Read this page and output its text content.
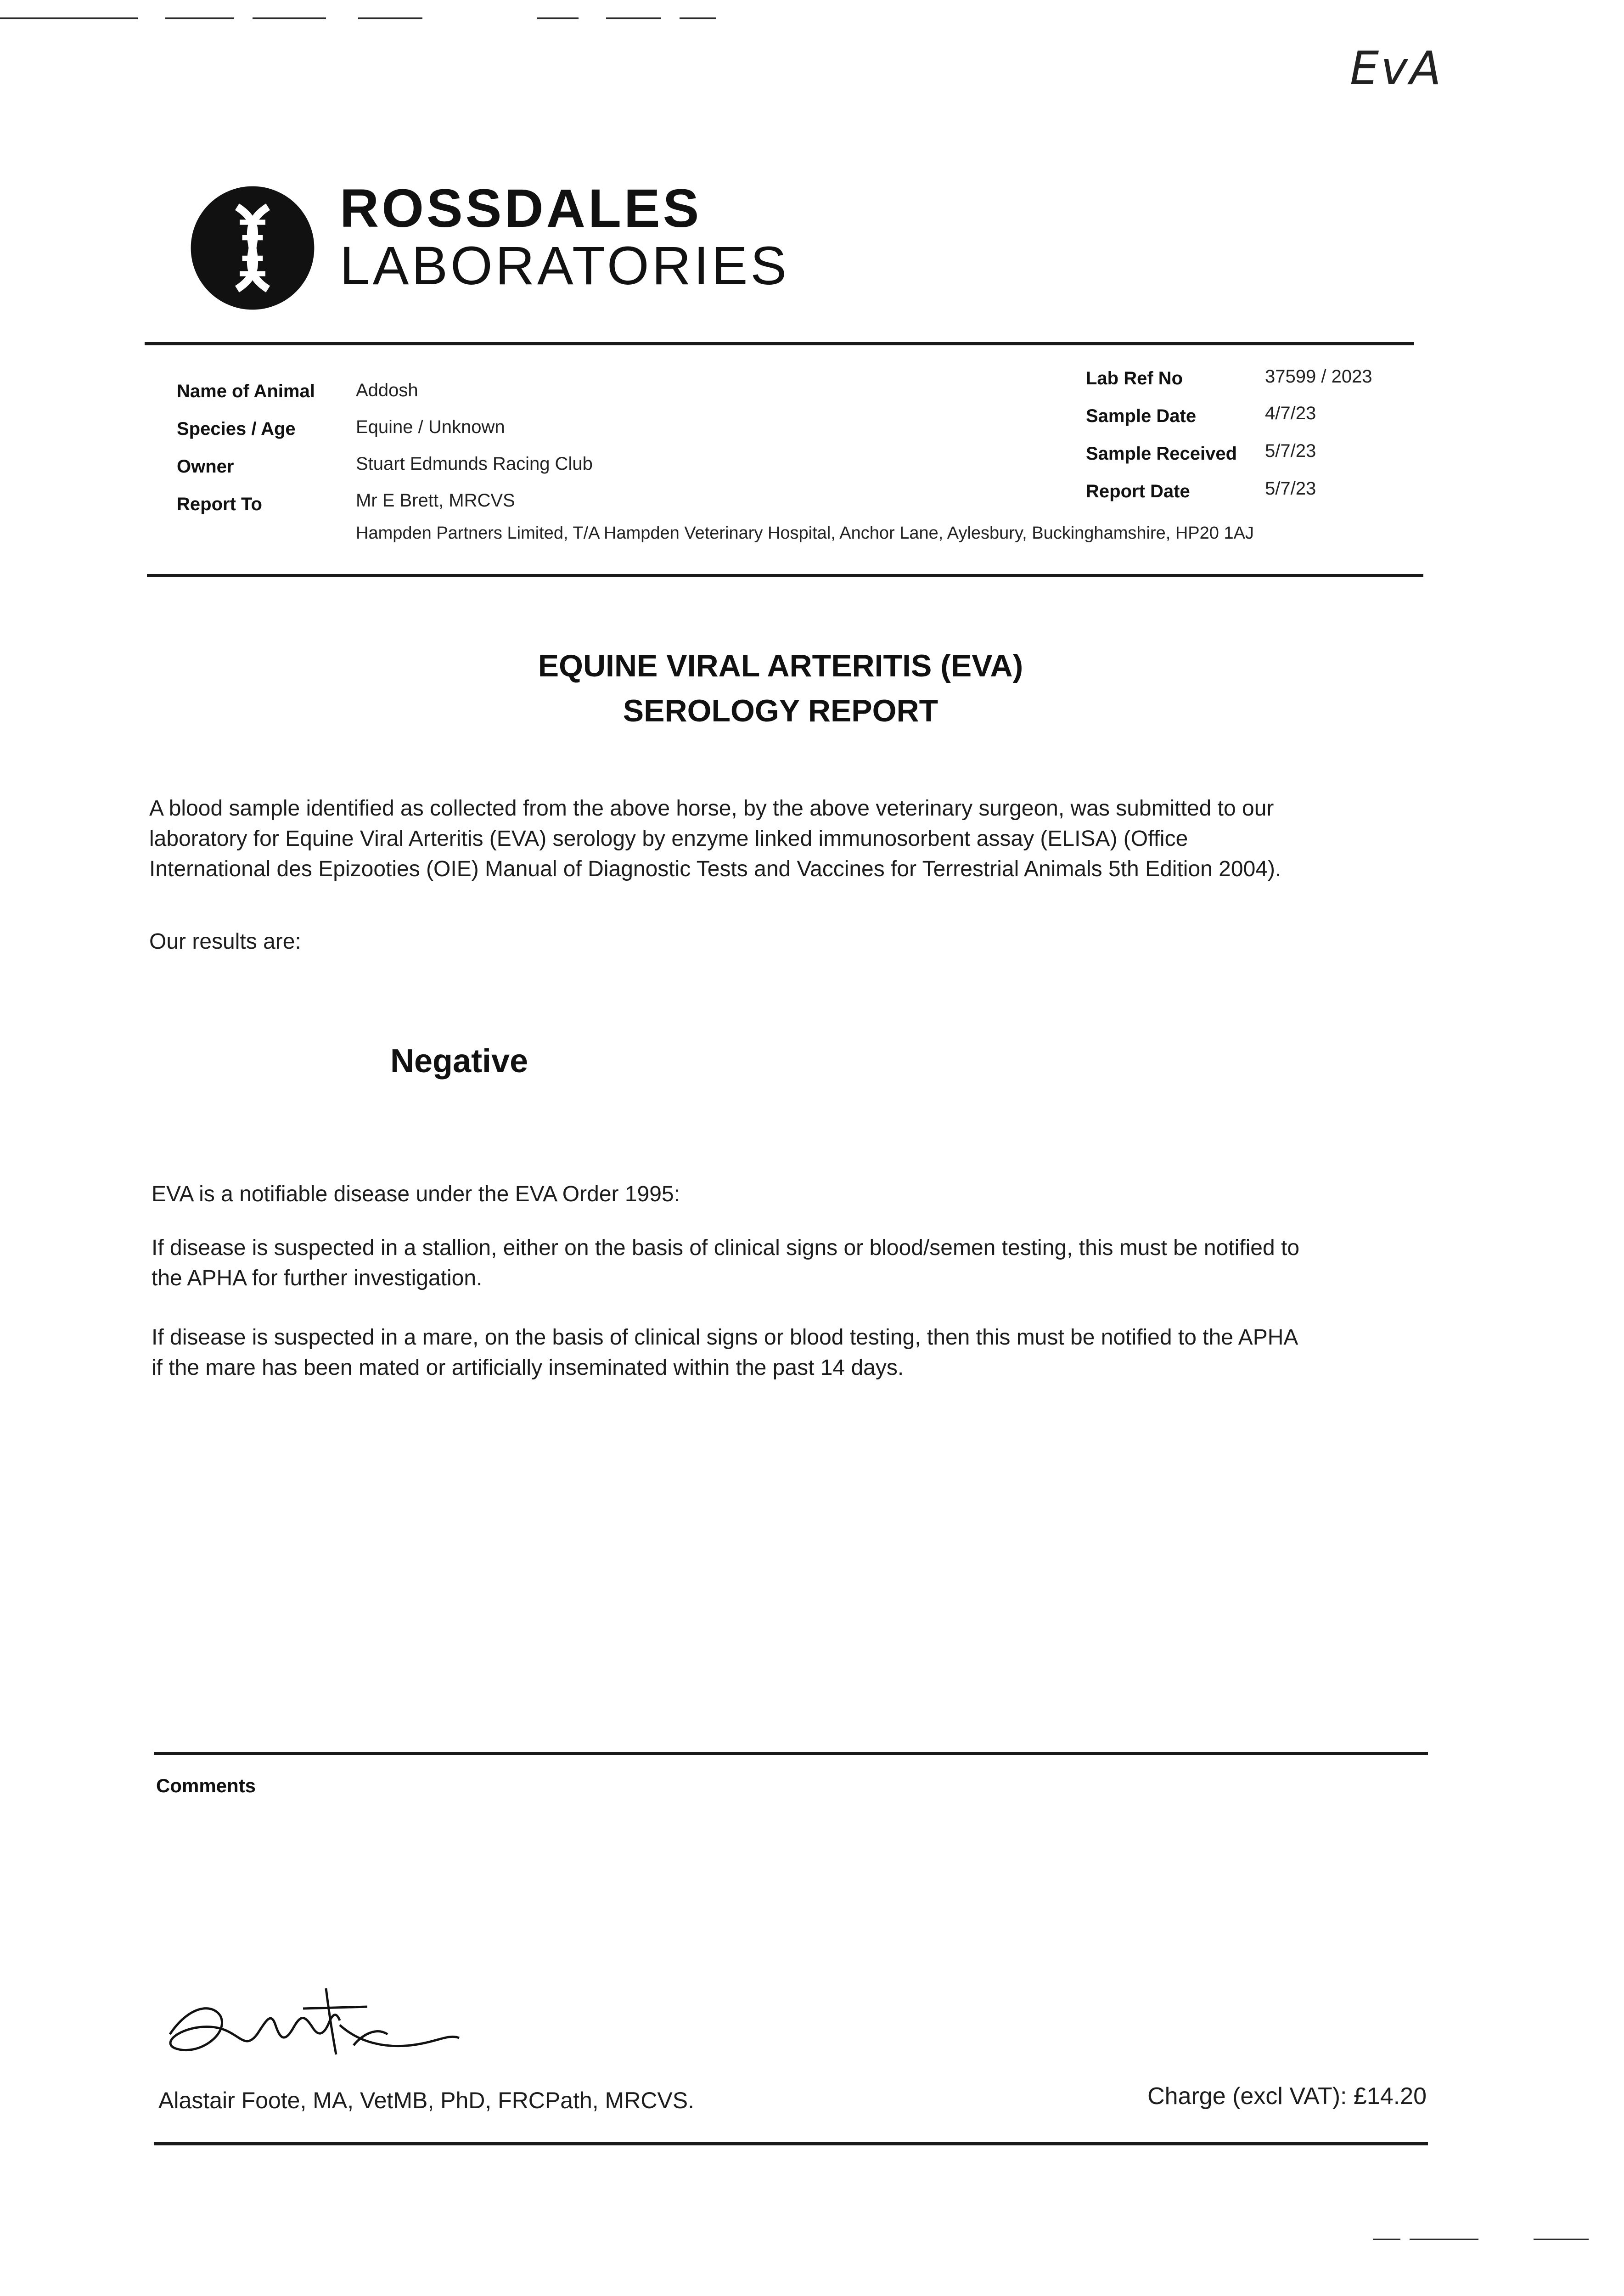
EvA
ROSSDALES
LABORATORIES
Name of Animal Addosh
Species / Age	Equine / Unknown
Owner	Stuart Edmunds Racing Club
Report To	Mr E Brett, MRCVS
Hampden Partners Limited, T/A Hampden Veterinary Hospital, Anchor Lane, Aylesbury, Buckinghamshire, HP20 1AJ
Lab Ref No	37599 / 2023
Sample Date	4/7/23
Sample Received 5/7/23
Report Date	5/7/23
EQUINE VIRAL ARTERITIS (EVA)
SEROLOGY REPORT
A blood sample identified as collected from the above horse, by the above veterinary surgeon, was submitted to our
laboratory for Equine Viral Arteritis (EVA) serology by enzyme linked immunosorbent assay (ELISA) (Office
International des Epizooties (OIE) Manual of Diagnostic Tests and Vaccines for Terrestrial Animals 5th Edition 2004).
Our results are:
Negative
EVA is a notifiable disease under the EVA Order 1995:
If disease is suspected in a stallion, either on the basis of clinical signs or blood/semen testing, this must be notified to
the APHA for further investigation.
If disease is suspected in a mare, on the basis of clinical signs or blood testing, then this must be notified to the APHA
if the mare has been mated or artificially inseminated within the past 14 days.
Comments
Alastair Foote, MA, VetMB, PhD, FRCPath, MRCVS.	Charge (excl VAT): £14.20
